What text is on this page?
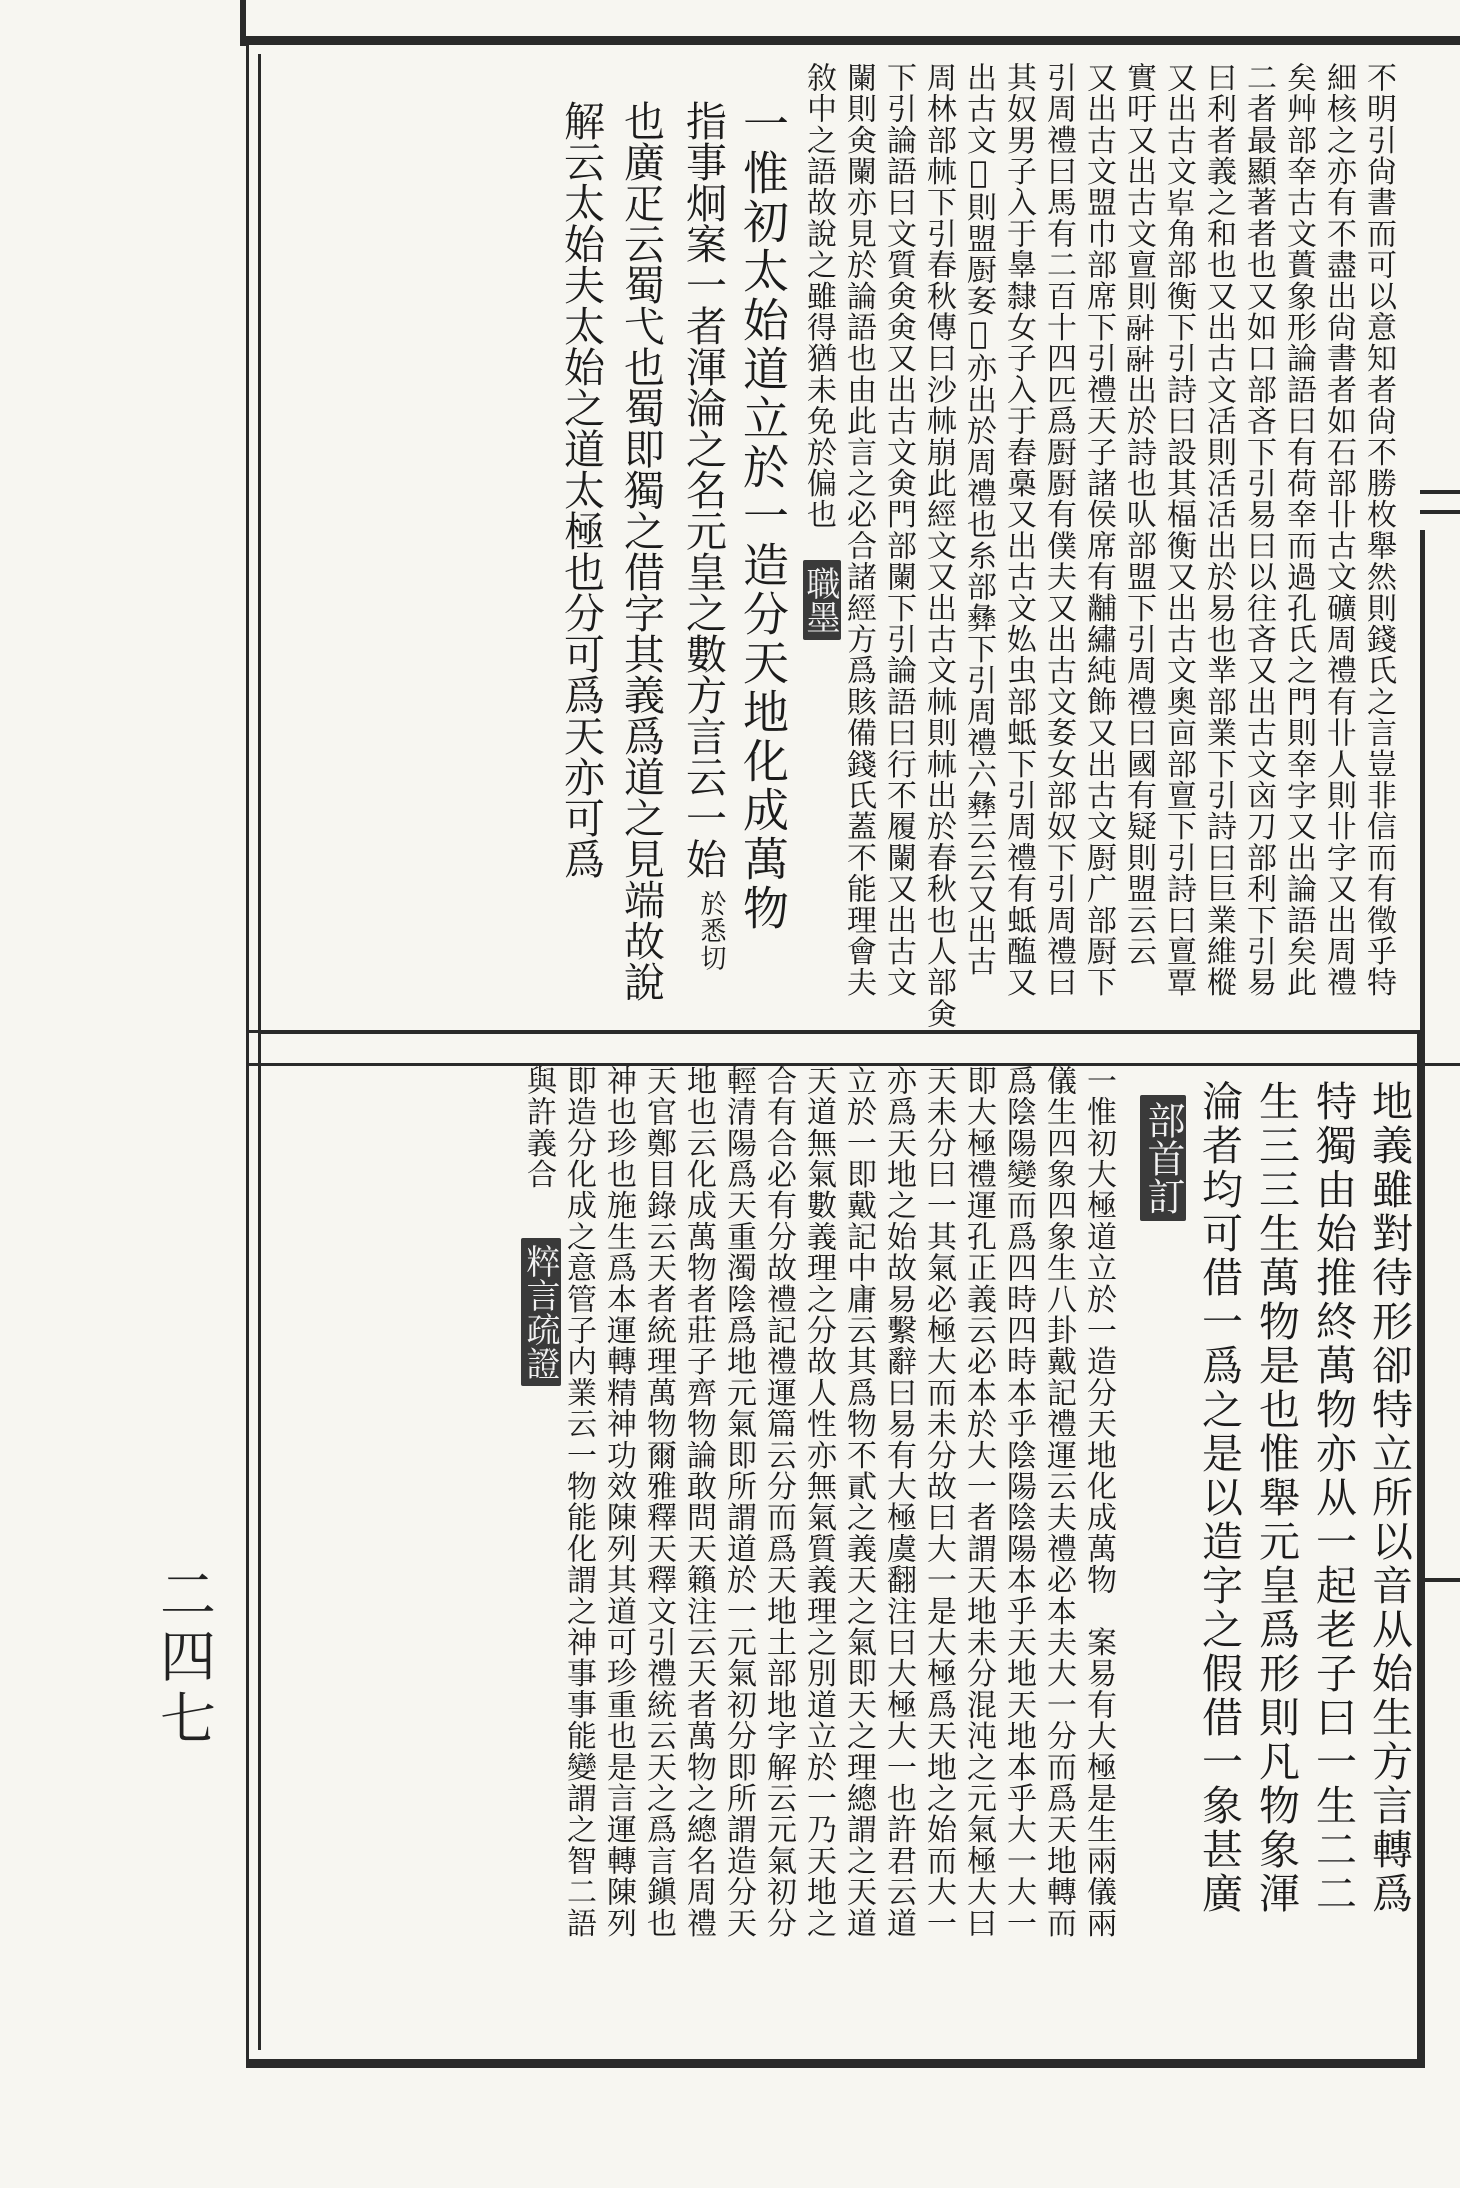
二四七
不明引尙書而可以意知者尙不勝枚舉然則錢氏之言豈非信而有徵乎特
細核之亦有不盡出尙書者如石部卝古文礦周禮有卝人則卝字又出周禮
矣艸部㚔古文蕢象形論語曰有荷㚔而過孔氏之門則㚔字又出論語矣此
二者最顯著者也又如口部吝下引易曰以往吝又出古文㐫刀部利下引易
曰利者義之和也又出古文㓉則㓉㓉出於易也丵部業下引詩曰巨業維樅
又出古文𡴐角部衡下引詩曰設其楅衡又出古文奧㐭部亶下引詩曰亶覃
實吁又出古文亶則𩰫𩰫出於詩也㕥部盟下引周禮曰國有疑則盟云云
又出古文盟巾部席下引禮天子諸侯席有黼繡純飾又出古文㕑广部㕑下
引周禮曰馬有二百十四匹爲㕑㕑有僕夫又出古文㚣女部奴下引周禮曰
其奴男子入于辠隸女子入于舂槀又出古文𡚸虫部蚳下引周禮有蚳醢又
出古文𧔧則盟㕑㚣𧔧亦出於周禮也糸部彝下引周禮六彝云云又出古
周林部𣏟下引春秋傳曰沙𣏟崩此經文又出古文𣏟則𣏟出於春秋也人部㑒
下引論語曰文質㑒㑒又出古文㑒門部闌下引論語曰行不履闌又出古文
闌則㑒闌亦見於論語也由此言之必合諸經方爲賅備錢氏蓋不能理會夫
敘中之語故說之雖得猶未免於偏也
職墨
一惟初太始道立於一造分天地化成萬物
指事炯案一者渾淪之名元皇之數方言云一始
也廣疋云蜀弋也蜀即獨之借字其義爲道之見端故說
解云太始夫太始之道太極也分可爲天亦可爲
於悉切
地義雖對待形卻特立所以音从始生方言轉爲
特獨由始推終萬物亦从一起老子曰一生二二
生三三生萬物是也惟舉元皇爲形則凡物象渾
淪者均可借一爲之是以造字之假借一象甚廣
部首訂
一惟初大極道立於一造分天地化成萬物　案易有大極是生兩儀兩
儀生四象四象生八卦戴記禮運云夫禮必本夫大一分而爲天地轉而
爲陰陽變而爲四時四時本乎陰陽陰陽本乎天地天地本乎大一大一
即大極禮運孔正義云必本於大一者謂天地未分混沌之元氣極大曰
天未分曰一其氣必極大而未分故曰大一是大極爲天地之始而大一
亦爲天地之始故易繫辭曰易有大極虞翻注曰大極大一也許君云道
立於一即戴記中庸云其爲物不貳之義天之氣即天之理總謂之天道
天道無氣數義理之分故人性亦無氣質義理之別道立於一乃天地之
合有合必有分故禮記禮運篇云分而爲天地土部地字解云元氣初分
輕清陽爲天重濁陰爲地元氣即所謂道於一元氣初分即所謂造分天
地也云化成萬物者莊子齊物論敢問天籟注云天者萬物之總名周禮
天官鄭目錄云天者統理萬物爾雅釋天釋文引禮統云天之爲言鎭也
神也珍也施生爲本運轉精神功效陳列其道可珍重也是言運轉陳列
即造分化成之意管子内業云一物能化謂之神事事能變謂之智二語
與許義合
粹言疏證
